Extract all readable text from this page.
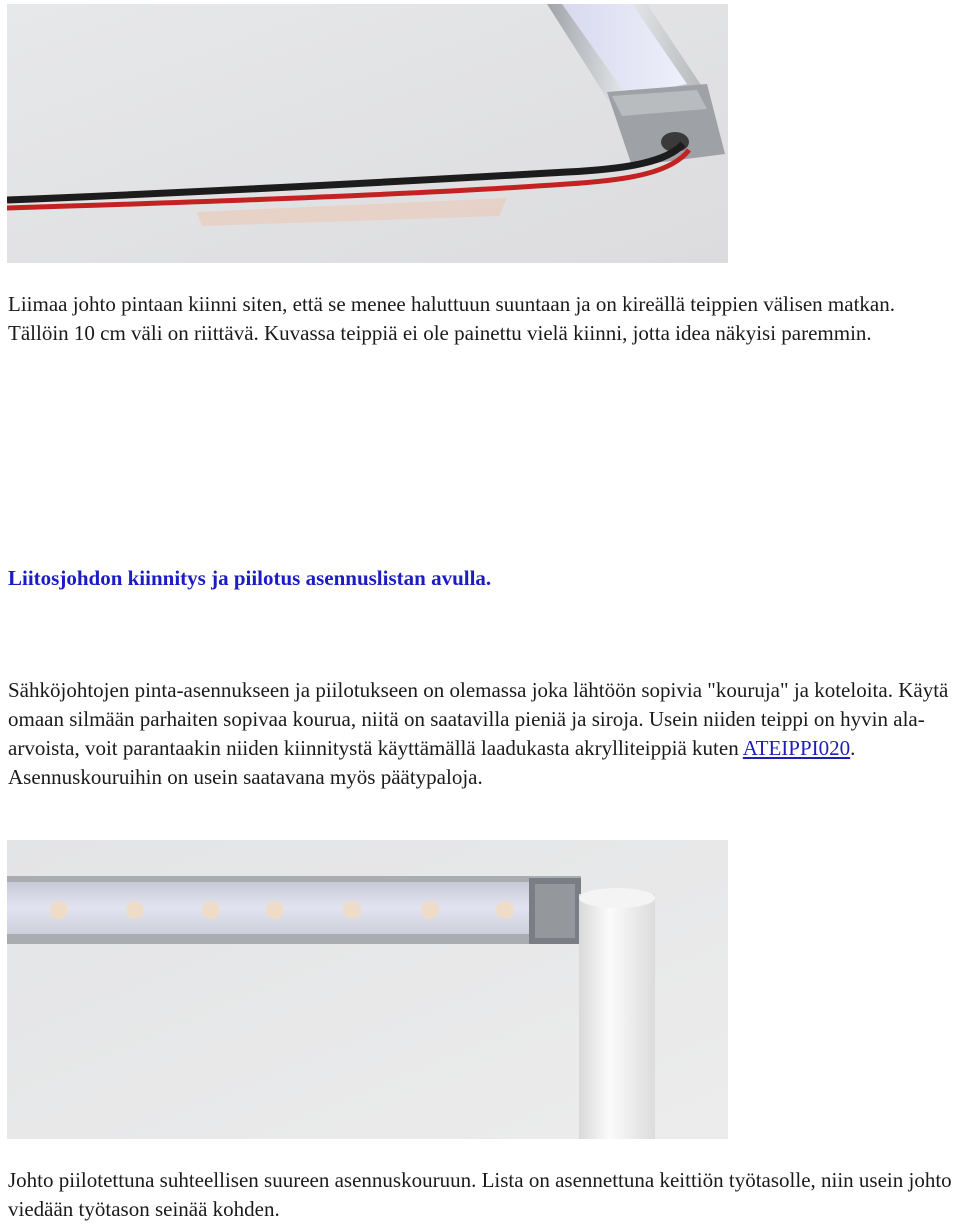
Liimaa johto pintaan kiinni siten, että se menee haluttuun suuntaan ja on kireällä teippien välisen matkan. Tällöin 10 cm väli on riittävä. Kuvassa teippiä ei ole painettu vielä kiinni, jotta idea näkyisi paremmin.

Liitosjohdon kiinnitys ja piilotus asennuslistan avulla.

Sähköjohtojen pinta-asennukseen ja piilotukseen on olemassa joka lähtöön sopivia "kouruja" ja koteloita. Käytä omaan silmään parhaiten sopivaa kourua, niitä on saatavilla pieniä ja siroja. Usein niiden teippi on hyvin ala-arvoista, voit parantaakin niiden kiinnitystä käyttämällä laadukasta akrylliteippiä kuten ATEIPPI020. Asennuskouruihin on usein saatavana myös päätypaloja.

Johto piilotettuna suhteellisen suureen asennuskouruun. Lista on asennettuna keittiön työtasolle, niin usein johto viedään työtason seinää kohden.
